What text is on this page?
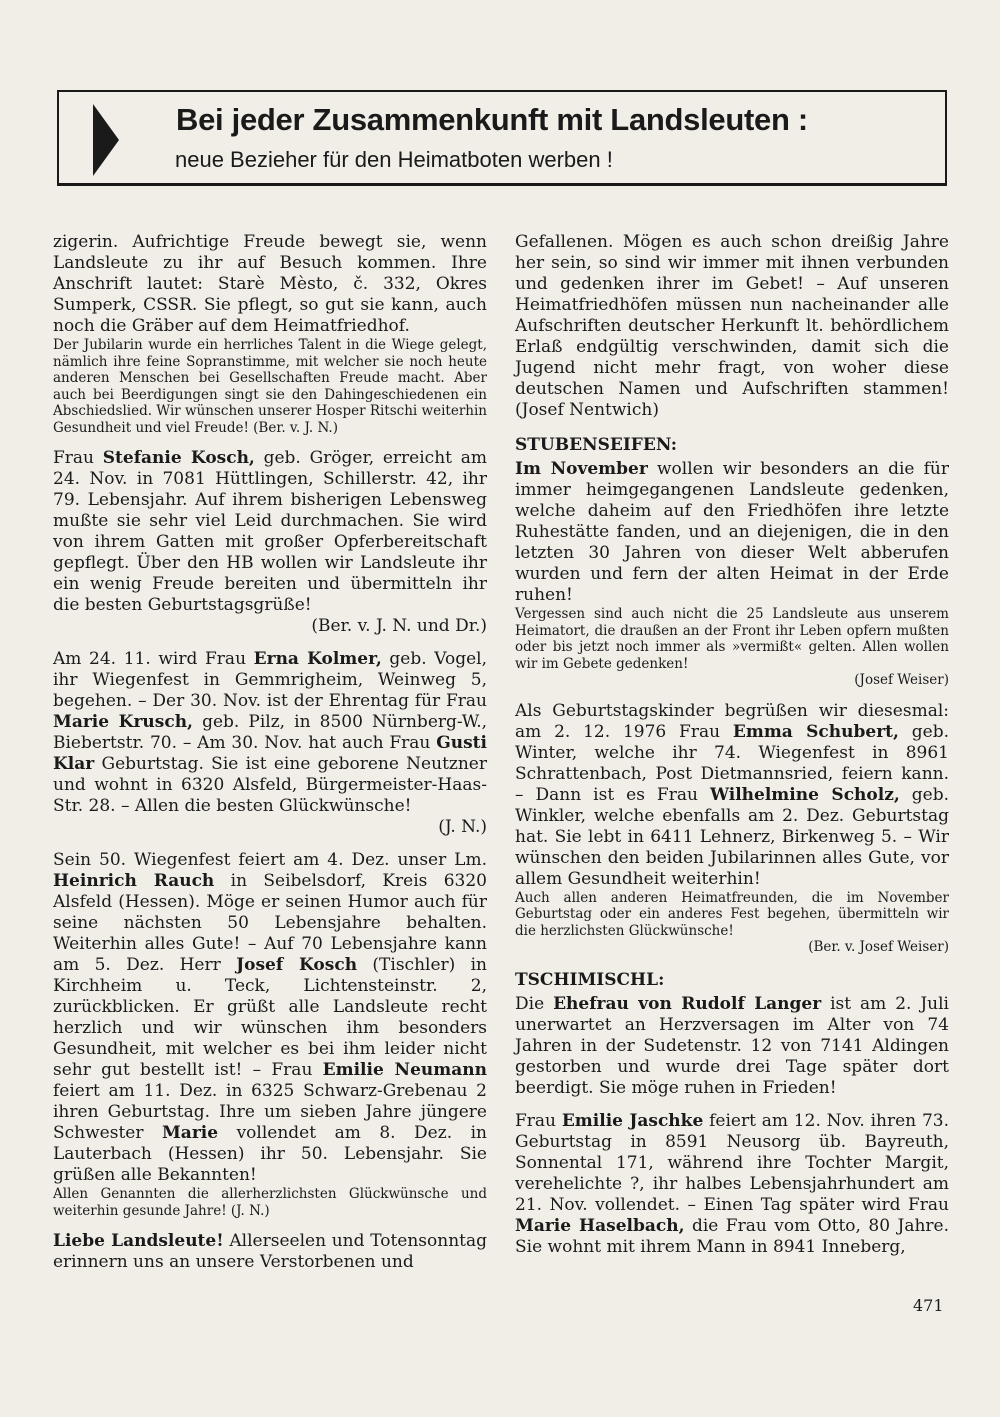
Bei jeder Zusammenkunft mit Landsleuten :
neue Bezieher für den Heimatboten werben !

zigerin. Aufrichtige Freude bewegt sie, wenn Landsleute zu ihr auf Besuch kommen. Ihre Anschrift lautet: Starè Mèsto, č. 332, Okres Sumperk, CSSR. Sie pflegt, so gut sie kann, auch noch die Gräber auf dem Heimatfriedhof.

Der Jubilarin wurde ein herrliches Talent in die Wiege gelegt, nämlich ihre feine Sopranstimme, mit welcher sie noch heute anderen Menschen bei Gesellschaften Freude macht. Aber auch bei Beerdigungen singt sie den Dahingeschiedenen ein Abschiedslied. Wir wünschen unserer Hosper Ritschi weiterhin Gesundheit und viel Freude! (Ber. v. J. N.)

Frau Stefanie Kosch, geb. Gröger, erreicht am 24. Nov. in 7081 Hüttlingen, Schillerstr. 42, ihr 79. Lebensjahr. Auf ihrem bisherigen Lebensweg mußte sie sehr viel Leid durchmachen. Sie wird von ihrem Gatten mit großer Opferbereitschaft gepflegt. Über den HB wollen wir Landsleute ihr ein wenig Freude bereiten und übermitteln ihr die besten Geburtstagsgrüße!

(Ber. v. J. N. und Dr.)

Am 24. 11. wird Frau Erna Kolmer, geb. Vogel, ihr Wiegenfest in Gemmrigheim, Weinweg 5, begehen. – Der 30. Nov. ist der Ehrentag für Frau Marie Krusch, geb. Pilz, in 8500 Nürnberg-W., Biebertstr. 70. – Am 30. Nov. hat auch Frau Gusti Klar Geburtstag. Sie ist eine geborene Neutzner und wohnt in 6320 Alsfeld, Bürgermeister-Haas-Str. 28. – Allen die besten Glückwünsche!

(J. N.)

Sein 50. Wiegenfest feiert am 4. Dez. unser Lm. Heinrich Rauch in Seibelsdorf, Kreis 6320 Alsfeld (Hessen). Möge er seinen Humor auch für seine nächsten 50 Lebensjahre behalten. Weiterhin alles Gute! – Auf 70 Lebensjahre kann am 5. Dez. Herr Josef Kosch (Tischler) in Kirchheim u. Teck, Lichtensteinstr. 2, zurückblicken. Er grüßt alle Landsleute recht herzlich und wir wünschen ihm besonders Gesundheit, mit welcher es bei ihm leider nicht sehr gut bestellt ist! – Frau Emilie Neumann feiert am 11. Dez. in 6325 Schwarz-Grebenau 2 ihren Geburtstag. Ihre um sieben Jahre jüngere Schwester Marie vollendet am 8. Dez. in Lauterbach (Hessen) ihr 50. Lebensjahr. Sie grüßen alle Bekannten!

Allen Genannten die allerherzlichsten Glückwünsche und weiterhin gesunde Jahre! (J. N.)

Liebe Landsleute! Allerseelen und Totensonntag erinnern uns an unsere Verstorbenen und

Gefallenen. Mögen es auch schon dreißig Jahre her sein, so sind wir immer mit ihnen verbunden und gedenken ihrer im Gebet! – Auf unseren Heimatfriedhöfen müssen nun nacheinander alle Aufschriften deutscher Herkunft lt. behördlichem Erlaß endgültig verschwinden, damit sich die Jugend nicht mehr fragt, von woher diese deutschen Namen und Aufschriften stammen! (Josef Nentwich)

STUBENSEIFEN:

Im November wollen wir besonders an die für immer heimgegangenen Landsleute gedenken, welche daheim auf den Friedhöfen ihre letzte Ruhestätte fanden, und an diejenigen, die in den letzten 30 Jahren von dieser Welt abberufen wurden und fern der alten Heimat in der Erde ruhen!

Vergessen sind auch nicht die 25 Landsleute aus unserem Heimatort, die draußen an der Front ihr Leben opfern mußten oder bis jetzt noch immer als »vermißt« gelten. Allen wollen wir im Gebete gedenken!

(Josef Weiser)

Als Geburtstagskinder begrüßen wir diesesmal: am 2. 12. 1976 Frau Emma Schubert, geb. Winter, welche ihr 74. Wiegenfest in 8961 Schrattenbach, Post Dietmannsried, feiern kann. – Dann ist es Frau Wilhelmine Scholz, geb. Winkler, welche ebenfalls am 2. Dez. Geburtstag hat. Sie lebt in 6411 Lehnerz, Birkenweg 5. – Wir wünschen den beiden Jubilarinnen alles Gute, vor allem Gesundheit weiterhin!

Auch allen anderen Heimatfreunden, die im November Geburtstag oder ein anderes Fest begehen, übermitteln wir die herzlichsten Glückwünsche!

(Ber. v. Josef Weiser)

TSCHIMISCHL:

Die Ehefrau von Rudolf Langer ist am 2. Juli unerwartet an Herzversagen im Alter von 74 Jahren in der Sudetenstr. 12 von 7141 Aldingen gestorben und wurde drei Tage später dort beerdigt. Sie möge ruhen in Frieden!

Frau Emilie Jaschke feiert am 12. Nov. ihren 73. Geburtstag in 8591 Neusorg üb. Bayreuth, Sonnental 171, während ihre Tochter Margit, verehelichte ?, ihr halbes Lebensjahrhundert am 21. Nov. vollendet. – Einen Tag später wird Frau Marie Haselbach, die Frau vom Otto, 80 Jahre. Sie wohnt mit ihrem Mann in 8941 Inneberg,

471
